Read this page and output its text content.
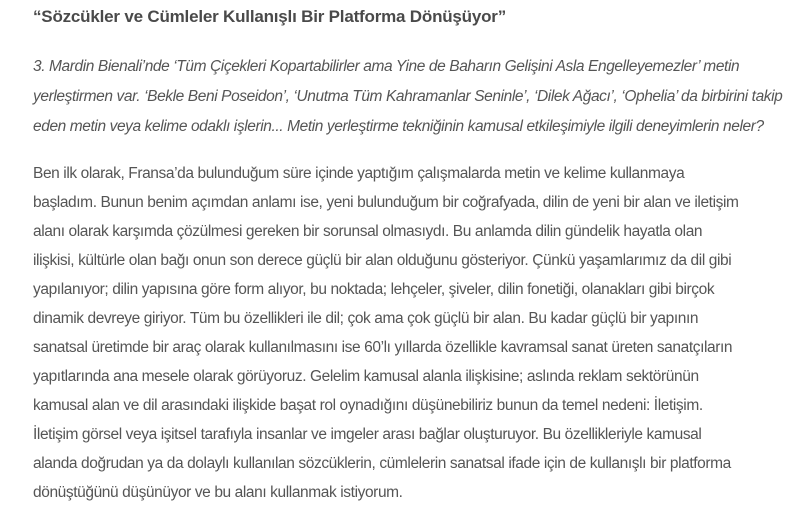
“Sözcükler ve Cümleler Kullanışlı Bir Platforma Dönüşüyor”
3. Mardin Bienali’nde ‘Tüm Çiçekleri Kopartabilirler ama Yine de Baharın Gelişini Asla Engelleyemezler’ metin
yerleştirmen var. ‘Bekle Beni Poseidon’, ‘Unutma Tüm Kahramanlar Seninle’, ‘Dilek Ağacı’, ‘Ophelia’ da birbirini takip
eden metin veya kelime odaklı işlerin... Metin yerleştirme tekniğinin kamusal etkileşimiyle ilgili deneyimlerin neler?
Ben ilk olarak, Fransa’da bulunduğum süre içinde yaptığım çalışmalarda metin ve kelime kullanmaya
başladım. Bunun benim açımdan anlamı ise, yeni bulunduğum bir coğrafyada, dilin de yeni bir alan ve iletişim
alanı olarak karşımda çözülmesi gereken bir sorunsal olmasıydı. Bu anlamda dilin gündelik hayatla olan
ilişkisi, kültürle olan bağı onun son derece güçlü bir alan olduğunu gösteriyor. Çünkü yaşamlarımız da dil gibi
yapılanıyor; dilin yapısına göre form alıyor, bu noktada; lehçeler, şiveler, dilin fonetiği, olanakları gibi birçok
dinamik devreye giriyor. Tüm bu özellikleri ile dil; çok ama çok güçlü bir alan. Bu kadar güçlü bir yapının
sanatsal üretimde bir araç olarak kullanılmasını ise 60’lı yıllarda özellikle kavramsal sanat üreten sanatçıların
yapıtlarında ana mesele olarak görüyoruz. Gelelim kamusal alanla ilişkisine; aslında reklam sektörünün
kamusal alan ve dil arasındaki ilişkide başat rol oynadığını düşünebiliriz bunun da temel nedeni: İletişim.
İletişim görsel veya işitsel tarafıyla insanlar ve imgeler arası bağlar oluşturuyor. Bu özellikleriyle kamusal
alanda doğrudan ya da dolaylı kullanılan sözcüklerin, cümlelerin sanatsal ifade için de kullanışlı bir platforma
dönüştüğünü düşünüyor ve bu alanı kullanmak istiyorum.
